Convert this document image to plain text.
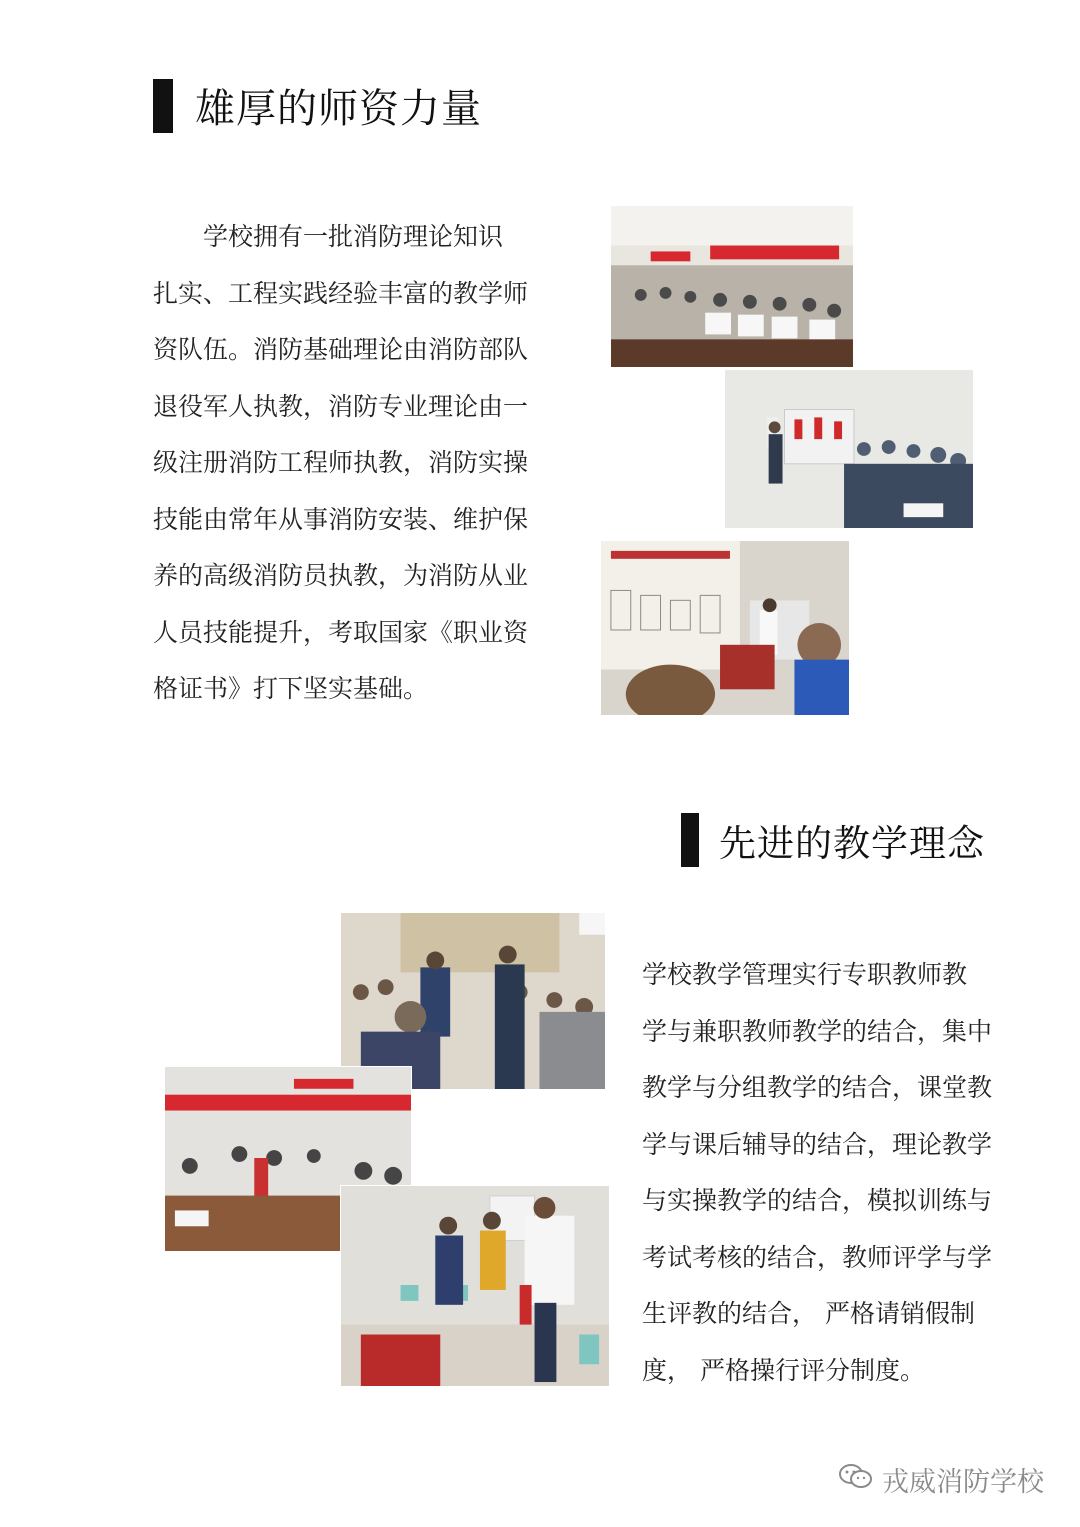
雄厚的师资力量

　　学校拥有一批消防理论知识

扎实、工程实践经验丰富的教学师

资队伍。消防基础理论由消防部队

退役军人执教，消防专业理论由一

级注册消防工程师执教，消防实操

技能由常年从事消防安装、维护保

养的高级消防员执教，为消防从业

人员技能提升，考取国家《职业资

格证书》打下坚实基础。

先进的教学理念

学校教学管理实行专职教师教

学与兼职教师教学的结合，集中

教学与分组教学的结合，课堂教

学与课后辅导的结合，理论教学

与实操教学的结合，模拟训练与

考试考核的结合，教师评学与学

生评教的结合， 严格请销假制

度， 严格操行评分制度。

戎威消防学校
